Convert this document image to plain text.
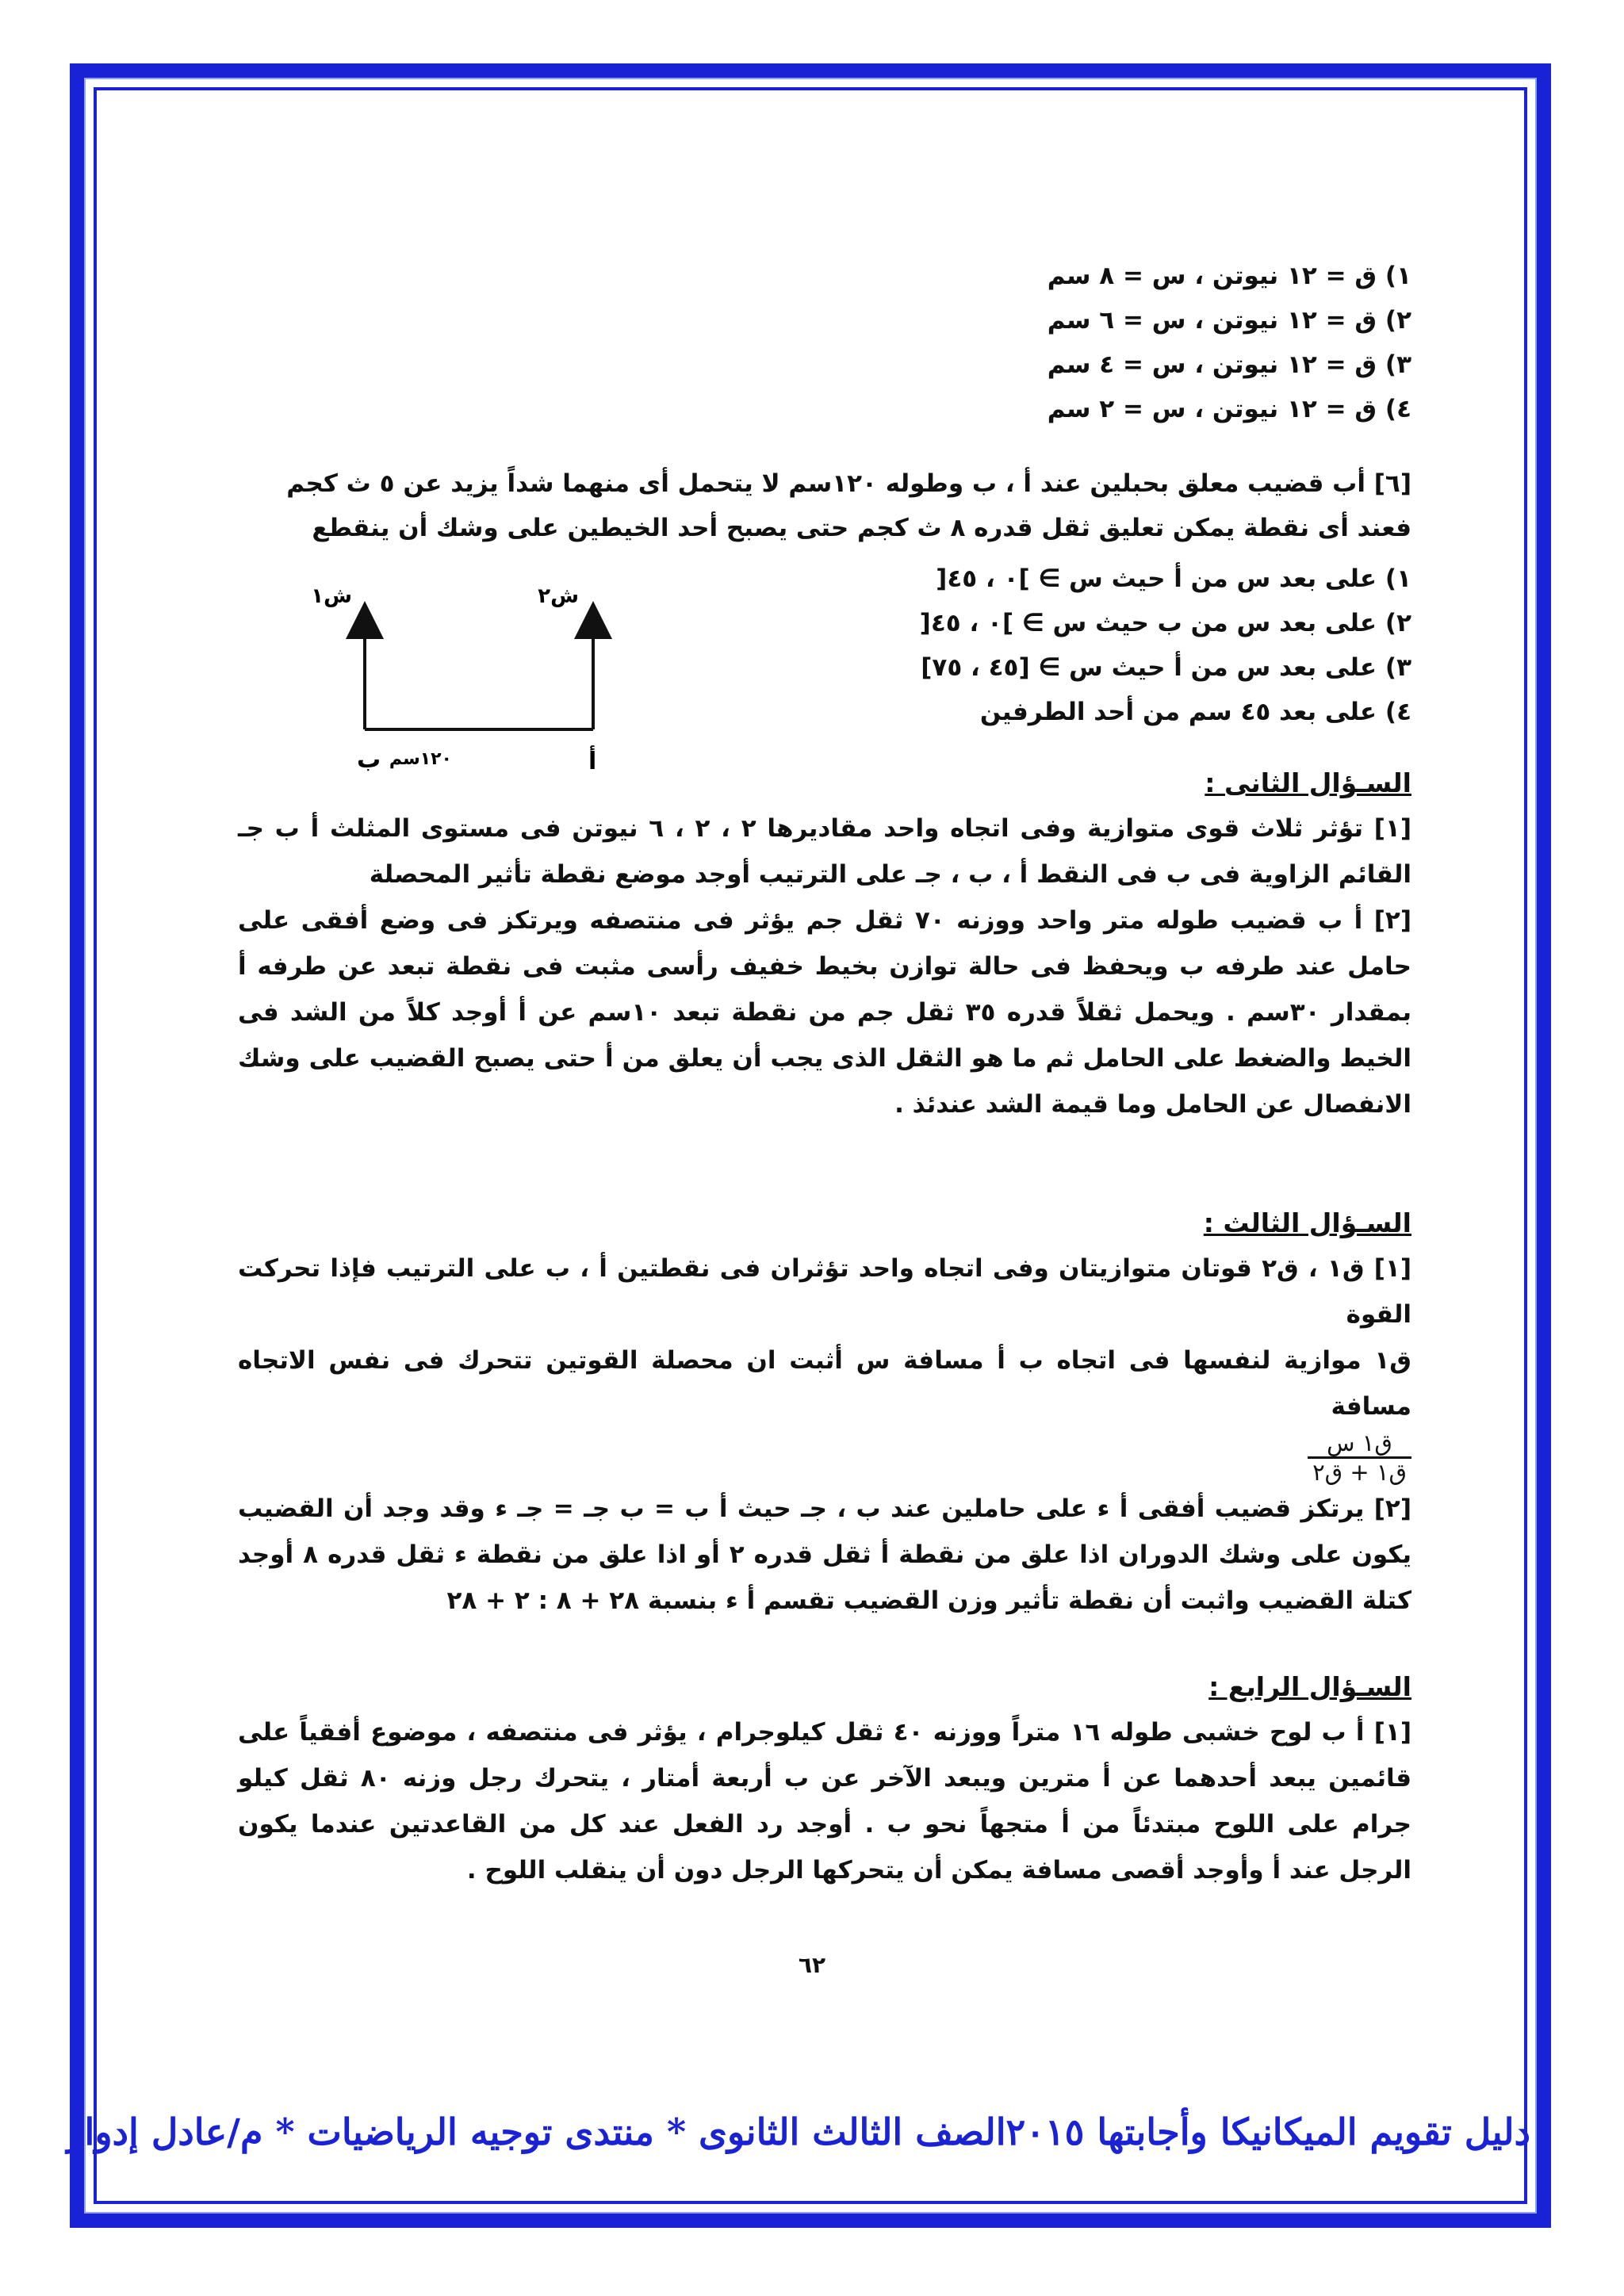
١) ق = ١٢ نيوتن ، س = ٨ سم
٢) ق = ١٢ نيوتن ، س = ٦ سم
٣) ق = ١٢ نيوتن ، س = ٤ سم
٤) ق = ١٢ نيوتن ، س = ٢ سم
[٦] أب قضيب معلق بحبلين عند أ ، ب وطوله ١٢٠سم لا يتحمل أى منهما شداً يزيد عن ٥ ث كجم
فعند أى نقطة يمكن تعليق ثقل قدره ٨ ث كجم حتى يصبح أحد الخيطين على وشك أن ينقطع
١) على بعد س من أ حيث س ∋ ]٠ ، ٤٥[
٢) على بعد س من ب حيث س ∋ ]٠ ، ٤٥[
٣) على بعد س من أ حيث س ∋ [٤٥ ، ٧٥]
٤) على بعد ٤٥ سم من أحد الطرفين
ش١	ش٢
ب ١٢٠سم	أ
السـؤال الثانى :
[١] تؤثر ثلاث قوى متوازية وفى اتجاه واحد مقاديرها ٢ ، ٢ ، ٦ نيوتن فى مستوى المثلث أ ب جـ القائم الزاوية فى ب فى النقط أ ، ب ، جـ على الترتيب أوجد موضع نقطة تأثير المحصلة
[٢] أ ب قضيب طوله متر واحد ووزنه ٧٠ ثقل جم يؤثر فى منتصفه ويرتكز فى وضع أفقى على حامل عند طرفه ب ويحفظ فى حالة توازن بخيط خفيف رأسى مثبت فى نقطة تبعد عن طرفه أ بمقدار ٣٠سم . ويحمل ثقلاً قدره ٣٥ ثقل جم من نقطة تبعد ١٠سم عن أ أوجد كلاً من الشد فى الخيط والضغط على الحامل ثم ما هو الثقل الذى يجب أن يعلق من أ حتى يصبح القضيب على وشك الانفصال عن الحامل وما قيمة الشد عندئذ .
السـؤال الثالث :
[١] ق١ ، ق٢ قوتان متوازيتان وفى اتجاه واحد تؤثران فى نقطتين أ ، ب على الترتيب فإذا تحركت القوة
ق١ موازية لنفسها فى اتجاه ب أ مسافة س أثبت ان محصلة القوتين تتحرك فى نفس الاتجاه مسافة
$\frac{\text{ق١ س}}{\text{ق١ + ق٢}}$
[٢] يرتكز قضيب أفقى أ ء على حاملين عند ب ، جـ حيث أ ب = ب جـ = جـ ء وقد وجد أن القضيب يكون على وشك الدوران اذا علق من نقطة أ ثقل قدره ٢ أو اذا علق من نقطة ء ثقل قدره ٨ أوجد كتلة القضيب واثبت أن نقطة تأثير وزن القضيب تقسم أ ء بنسبة ٢٨ + ٨ : ٢ + ٢٨
السـؤال الرابع :
[١] أ ب لوح خشبى طوله ١٦ متراً ووزنه ٤٠ ثقل كيلوجرام ، يؤثر فى منتصفه ، موضوع أفقياً على قائمين يبعد أحدهما عن أ مترين ويبعد الآخر عن ب أربعة أمتار ، يتحرك رجل وزنه ٨٠ ثقل كيلو جرام على اللوح مبتدئاً من أ متجهاً نحو ب . أوجد رد الفعل عند كل من القاعدتين عندما يكون الرجل عند أ وأوجد أقصى مسافة يمكن أن يتحركها الرجل دون أن ينقلب اللوح .
٦٢
دليل تقويم الميكانيكا وأجابتها ٢٠١٥الصف الثالث الثانوى * منتدى توجيه الرياضيات * م/عادل إدوار
